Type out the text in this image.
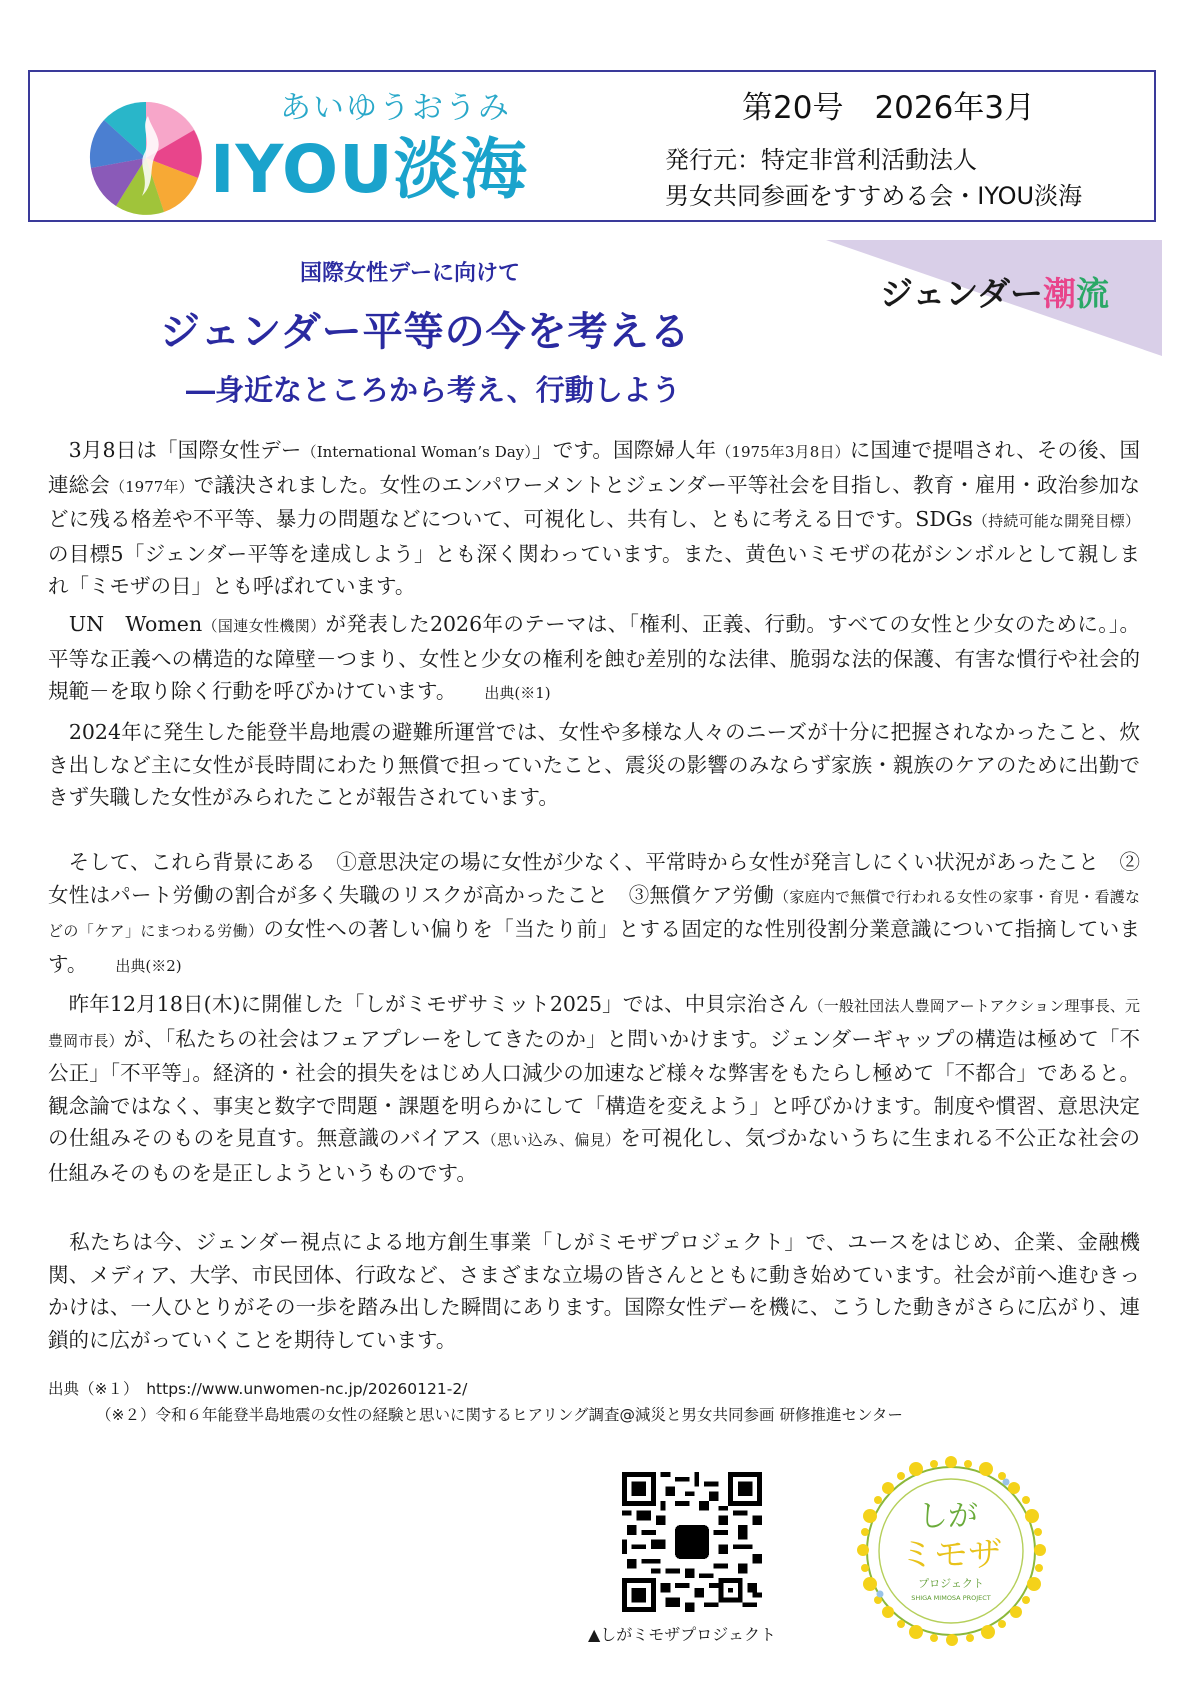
あいゆうおうみ
IYOU淡海
第20号　2026年3月
発行元：特定非営利活動法人
男女共同参画をすすめる会・IYOU淡海
ジェンダー潮流
国際女性デーに向けて
ジェンダー平等の今を考える
―身近なところから考え、行動しよう
　3月8日は「国際女性デー（International Woman’s Day）」です。国際婦人年（1975年3月8日）に国連で提唱され、その後、国連総会（1977年）で議決されました。女性のエンパワーメントとジェンダー平等社会を目指し、教育・雇用・政治参加などに残る格差や不平等、暴力の問題などについて、可視化し、共有し、ともに考える日です。SDGs（持続可能な開発目標）の目標5「ジェンダー平等を達成しよう」とも深く関わっています。また、黄色いミモザの花がシンボルとして親しまれ「ミモザの日」とも呼ばれています。
　UN　Women（国連女性機関）が発表した2026年のテーマは、「権利、正義、行動。すべての女性と少女のために。」。平等な正義への構造的な障壁－つまり、女性と少女の権利を蝕む差別的な法律、脆弱な法的保護、有害な慣行や社会的規範－を取り除く行動を呼びかけています。 出典(※1)
　2024年に発生した能登半島地震の避難所運営では、女性や多様な人々のニーズが十分に把握されなかったこと、炊き出しなど主に女性が長時間にわたり無償で担っていたこと、震災の影響のみならず家族・親族のケアのために出勤できず失職した女性がみられたことが報告されています。
　そして、これら背景にある　①意思決定の場に女性が少なく、平常時から女性が発言しにくい状況があったこと　②女性はパート労働の割合が多く失職のリスクが高かったこと　③無償ケア労働（家庭内で無償で行われる女性の家事・育児・看護などの「ケア」にまつわる労働）の女性への著しい偏りを「当たり前」とする固定的な性別役割分業意識について指摘しています。 出典(※2)
　昨年12月18日(木)に開催した「しがミモザサミット2025」では、中貝宗治さん（一般社団法人豊岡アートアクション理事長、元豊岡市長）が、「私たちの社会はフェアプレーをしてきたのか」と問いかけます。ジェンダーギャップの構造は極めて「不公正」「不平等」。経済的・社会的損失をはじめ人口減少の加速など様々な弊害をもたらし極めて「不都合」であると。観念論ではなく、事実と数字で問題・課題を明らかにして「構造を変えよう」と呼びかけます。制度や慣習、意思決定の仕組みそのものを見直す。無意識のバイアス（思い込み、偏見）を可視化し、気づかないうちに生まれる不公正な社会の仕組みそのものを是正しようというものです。
　私たちは今、ジェンダー視点による地方創生事業「しがミモザプロジェクト」で、ユースをはじめ、企業、金融機関、メディア、大学、市民団体、行政など、さまざまな立場の皆さんとともに動き始めています。社会が前へ進むきっかけは、一人ひとりがその一歩を踏み出した瞬間にあります。国際女性デーを機に、こうした動きがさらに広がり、連鎖的に広がっていくことを期待しています。
出典（※１）　https://www.unwomen-nc.jp/20260121-2/
（※２）令和６年能登半島地震の女性の経験と思いに関するヒアリング調査@減災と男女共同参画 研修推進センター
▲しがミモザプロジェクト
しが
ミモザ
プロジェクト
SHIGA MIMOSA PROJECT
